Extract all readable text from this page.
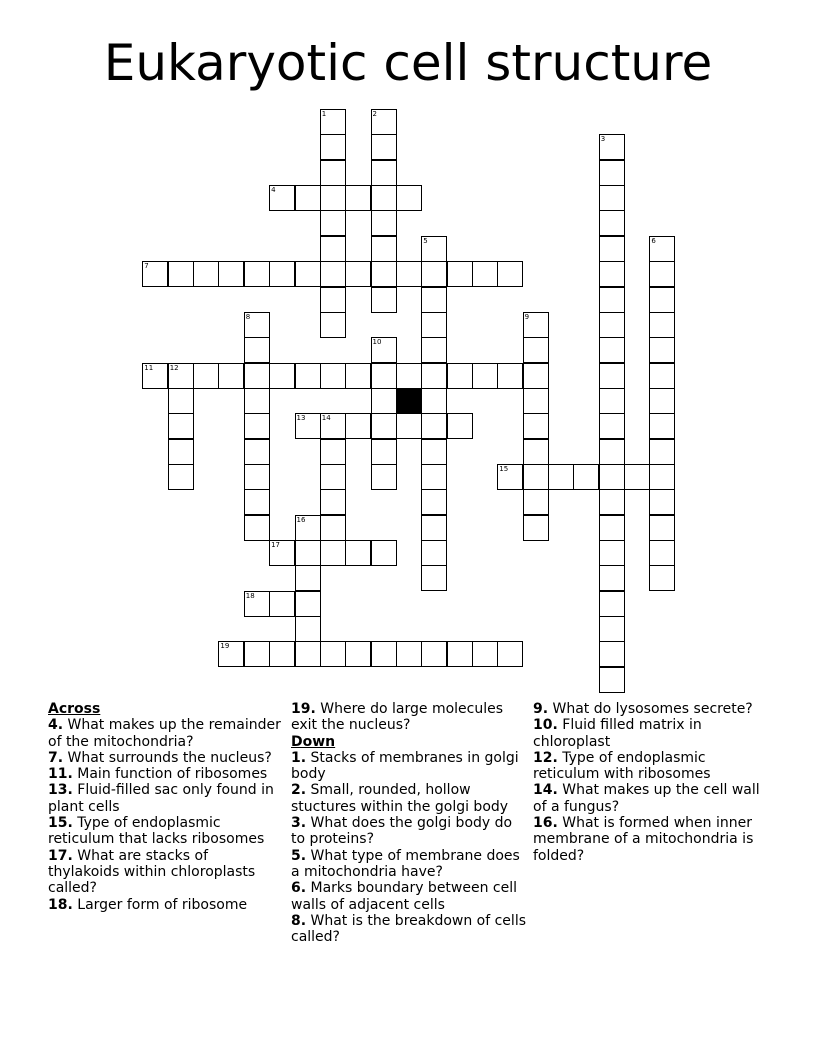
Eukaryotic cell structure
4
7
11 12
13 14
15
17
18
19
1	2
3
5	6
8	9
10
16
Across
4. What makes up the remainder of the mitochondria?
7. What surrounds the nucleus?
11. Main function of ribosomes
13. Fluid-filled sac only found in plant cells
15. Type of endoplasmic reticulum that lacks ribosomes
17. What are stacks of thylakoids within chloroplasts called?
18. Larger form of ribosome
19. Where do large molecules exit the nucleus?
Down
1. Stacks of membranes in golgi body
2. Small, rounded, hollow stuctures within the golgi body
3. What does the golgi body do to proteins?
5. What type of membrane does a mitochondria have?
6. Marks boundary between cell walls of adjacent cells
8. What is the breakdown of cells called?
9. What do lysosomes secrete?
10. Fluid filled matrix in chloroplast
12. Type of endoplasmic reticulum with ribosomes
14. What makes up the cell wall of a fungus?
16. What is formed when inner membrane of a mitochondria is folded?
